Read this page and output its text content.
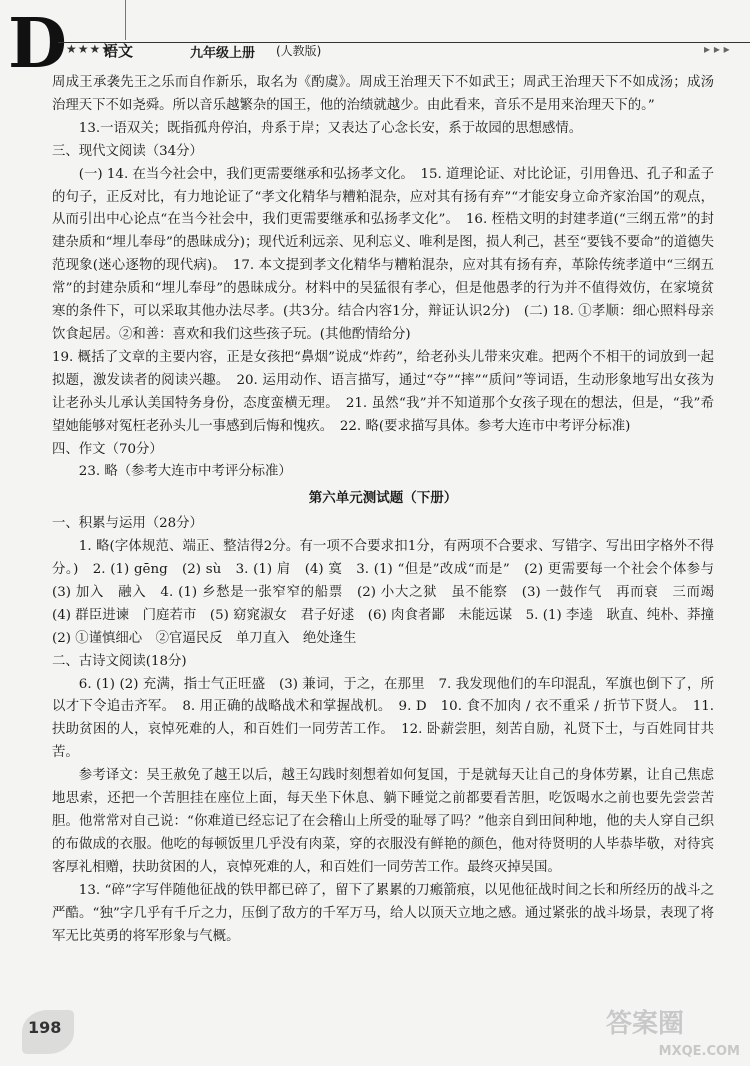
D ★★★★
语文	九年级上册 (人教版)	▸ ▸ ▸

周成王承袭先王之乐而自作新乐，取名为《酌虞》。周成王治理天下不如武王；周武王治理天下不如成汤；成汤治理天下不如尧舜。所以音乐越繁杂的国王，他的治绩就越少。由此看来，音乐不是用来治理天下的。”

13.一语双关；既指孤舟停泊，舟系于岸；又表达了心念长安，系于故园的思想感情。

三、现代文阅读（34分）

(一) 14. 在当今社会中，我们更需要继承和弘扬孝文化。　15. 道理论证、对比论证，引用鲁迅、孔子和孟子的句子，正反对比，有力地论证了“孝文化精华与糟粕混杂，应对其有扬有弃”“才能安身立命齐家治国”的观点，从而引出中心论点“在当今社会中，我们更需要继承和弘扬孝文化”。　16. 桎梏文明的封建孝道(“三纲五常”的封建杂质和“埋儿奉母”的愚昧成分)；现代近利远亲、见利忘义、唯利是图，损人利己，甚至“要钱不要命”的道德失范现象(迷心逐物的现代病)。　17. 本文提到孝文化精华与糟粕混杂，应对其有扬有弃，革除传统孝道中“三纲五常”的封建杂质和“埋儿奉母”的愚昧成分。材料中的吴猛很有孝心，但是他愚孝的行为并不值得效仿，在家境贫寒的条件下，可以采取其他办法尽孝。(共3分。结合内容1分，辩证认识2分)　(二) 18. ①孝顺：细心照料母亲饮食起居。②和善：喜欢和我们这些孩子玩。(其他酌情给分)

19. 概括了文章的主要内容，正是女孩把“鼻烟”说成“炸药”，给老孙头儿带来灾难。把两个不相干的词放到一起拟题，激发读者的阅读兴趣。　20. 运用动作、语言描写，通过“夺”“摔”“质问”等词语，生动形象地写出女孩为让老孙头儿承认美国特务身份，态度蛮横无理。　21. 虽然“我”并不知道那个女孩子现在的想法，但是，“我”希望她能够对冤枉老孙头儿一事感到后悔和愧疚。　22. 略(要求描写具体。参考大连市中考评分标准)

四、作文（70分）

23. 略（参考大连市中考评分标准）

第六单元测试题（下册）

一、积累与运用（28分）

1. 略(字体规范、端正、整洁得2分。有一项不合要求扣1分，有两项不合要求、写错字、写出田字格外不得分。)　2. (1) gēng　(2) sù　3. (1) 肩　(4) 寞　3. (1) “但是”改成“而是”　(2) 更需要每一个社会个体参与　(3) 加入　融入　4. (1) 乡愁是一张窄窄的船票　(2) 小大之狱　虽不能察　(3) 一鼓作气　再而衰　三而竭　(4) 群臣进谏　门庭若市　(5) 窈窕淑女　君子好逑　(6) 肉食者鄙　未能远谋　5. (1) 李逵　耿直、纯朴、莽撞　(2) ①谨慎细心　②官逼民反　单刀直入　绝处逢生

二、古诗文阅读(18分)

6. (1) (2) 充满，指士气正旺盛　(3) 兼词，于之，在那里　7. 我发现他们的车印混乱，军旗也倒下了，所以才下令追击齐军。　8. 用正确的战略战术和掌握战机。　9. D　10. 食不加肉 / 衣不重采 / 折节下贤人。　11. 扶助贫困的人，哀悼死难的人，和百姓们一同劳苦工作。　12. 卧薪尝胆，刻苦自励，礼贤下士，与百姓同甘共苦。

参考译文：吴王赦免了越王以后，越王勾践时刻想着如何复国，于是就每天让自己的身体劳累，让自己焦虑地思索，还把一个苦胆挂在座位上面，每天坐下休息、躺下睡觉之前都要看苦胆，吃饭喝水之前也要先尝尝苦胆。他常常对自己说：“你难道已经忘记了在会稽山上所受的耻辱了吗？”他亲自到田间种地，他的夫人穿自己织的布做成的衣服。他吃的每顿饭里几乎没有肉菜，穿的衣服没有鲜艳的颜色，他对待贤明的人毕恭毕敬，对待宾客厚礼相赠，扶助贫困的人，哀悼死难的人，和百姓们一同劳苦工作。最终灭掉吴国。

13. “碎”字写伴随他征战的铁甲都已碎了，留下了累累的刀瘢箭痕，以见他征战时间之长和所经历的战斗之严酷。“独”字几乎有千斤之力，压倒了敌方的千军万马，给人以顶天立地之感。通过紧张的战斗场景，表现了将军无比英勇的将军形象与气概。

198	答案圈
MXQE.COM
